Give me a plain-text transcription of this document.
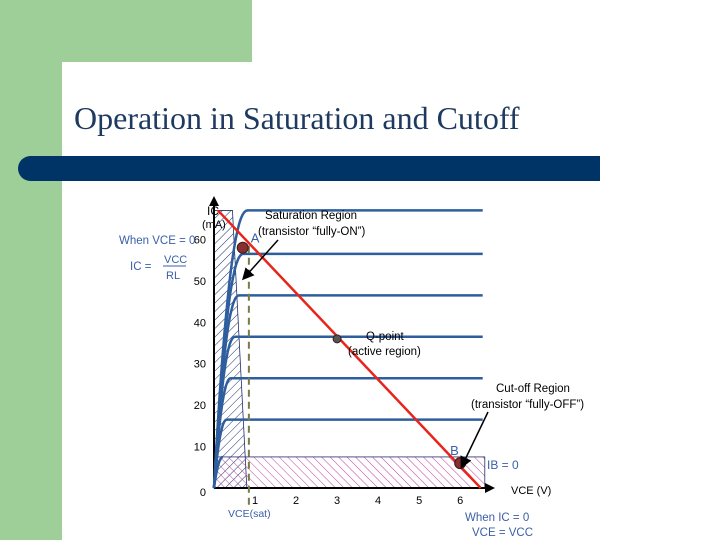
Operation in Saturation and Cutoff
0
10
20
30
40
50
60
1	2	3	4	5	6
A
B
IC
(mA)
VCE (V)
Saturation Region
(transistor “fully-ON”)
Q-point
(active region)
Cut-off Region
(transistor “fully-OFF”)
IB = 0
When VCE = 0
IC =
VCC
RL
VCE(sat)	When IC = 0
VCE = VCC
